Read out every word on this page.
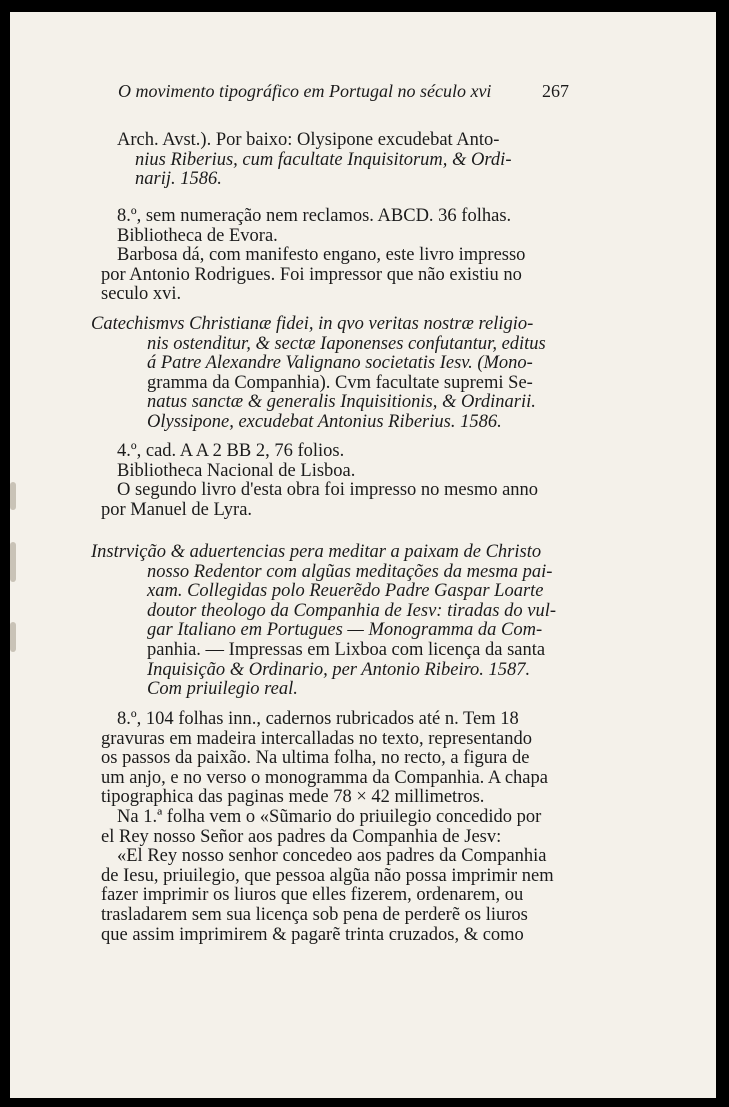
O movimento tipográfico em Portugal no século xvi	267
Arch. Avst.). Por baixo: Olysipone excudebat Anto-
nius Riberius, cum facultate Inquisitorum, & Ordi-
narij. 1586.
8.º, sem numeração nem reclamos. ABCD. 36 folhas.
Bibliotheca de Evora.
Barbosa dá, com manifesto engano, este livro impresso
por Antonio Rodrigues. Foi impressor que não existiu no
seculo xvi.
Catechismvs Christianæ fidei, in qvo veritas nostræ religio-
nis ostenditur, & sectæ Iaponenses confutantur, editus
á Patre Alexandre Valignano societatis Iesv. (Mono-
gramma da Companhia). Cvm facultate supremi Se-
natus sanctæ & generalis Inquisitionis, & Ordinarii.
Olyssipone, excudebat Antonius Riberius. 1586.
4.º, cad. A A 2 BB 2, 76 folios.
Bibliotheca Nacional de Lisboa.
O segundo livro d'esta obra foi impresso no mesmo anno
por Manuel de Lyra.
Instrvição & aduertencias pera meditar a paixam de Christo
nosso Redentor com algũas meditações da mesma pai-
xam. Collegidas polo Reuerẽdo Padre Gaspar Loarte
doutor theologo da Companhia de Iesv: tiradas do vul-
gar Italiano em Portugues — Monogramma da Com-
panhia. — Impressas em Lixboa com licença da santa
Inquisição & Ordinario, per Antonio Ribeiro. 1587.
Com priuilegio real.
8.º, 104 folhas inn., cadernos rubricados até n. Tem 18
gravuras em madeira intercalladas no texto, representando
os passos da paixão. Na ultima folha, no recto, a figura de
um anjo, e no verso o monogramma da Companhia. A chapa
tipographica das paginas mede 78 × 42 millimetros.
Na 1.ª folha vem o «Sũmario do priuilegio concedido por
el Rey nosso Señor aos padres da Companhia de Jesv:
«El Rey nosso senhor concedeo aos padres da Companhia
de Iesu, priuilegio, que pessoa algũa não possa imprimir nem
fazer imprimir os liuros que elles fizerem, ordenarem, ou
trasladarem sem sua licença sob pena de perderẽ os liuros
que assim imprimirem & pagarẽ trinta cruzados, & como
